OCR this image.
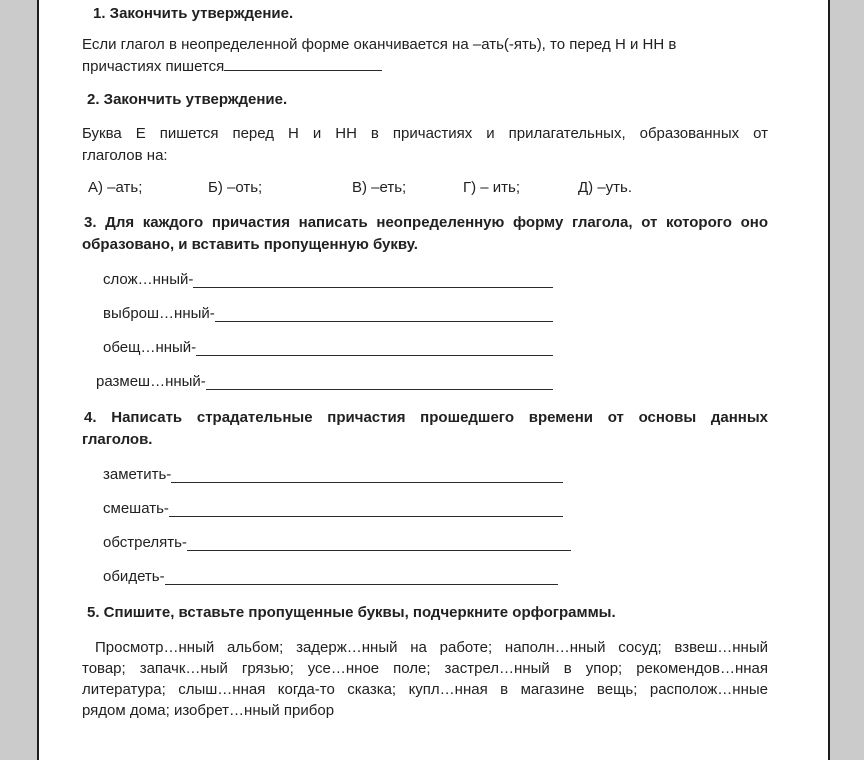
1. Закончить утверждение.
Если глагол в неопределенной форме оканчивается на –ать(-ять), то перед Н и НН в
причастиях пишется
2. Закончить утверждение.
Буква Е пишется перед Н и НН в причастиях и прилагательных, образованных от
глаголов на:
А) –ать;	Б) –оть;	В) –еть;	Г) – ить;	Д) –уть.
3. Для каждого причастия написать неопределенную форму глагола, от которого оно
образовано, и вставить пропущенную букву.
слож…нный-
выброш…нный-
обещ…нный-
размеш…нный-
4. Написать страдательные причастия прошедшего времени от основы данных
глаголов.
заметить-
смешать-
обстрелять-
обидеть-
5. Спишите, вставьте пропущенные буквы, подчеркните орфограммы.
Просмотр…нный альбом; задерж…нный на работе; наполн…нный сосуд; взвеш…нный
товар; запачк…ный грязью; усе…нное поле; застрел…нный в упор; рекомендов…нная
литература; слыш…нная когда-то сказка; купл…нная в магазине вещь; располож…нные
рядом дома; изобрет…нный прибор
